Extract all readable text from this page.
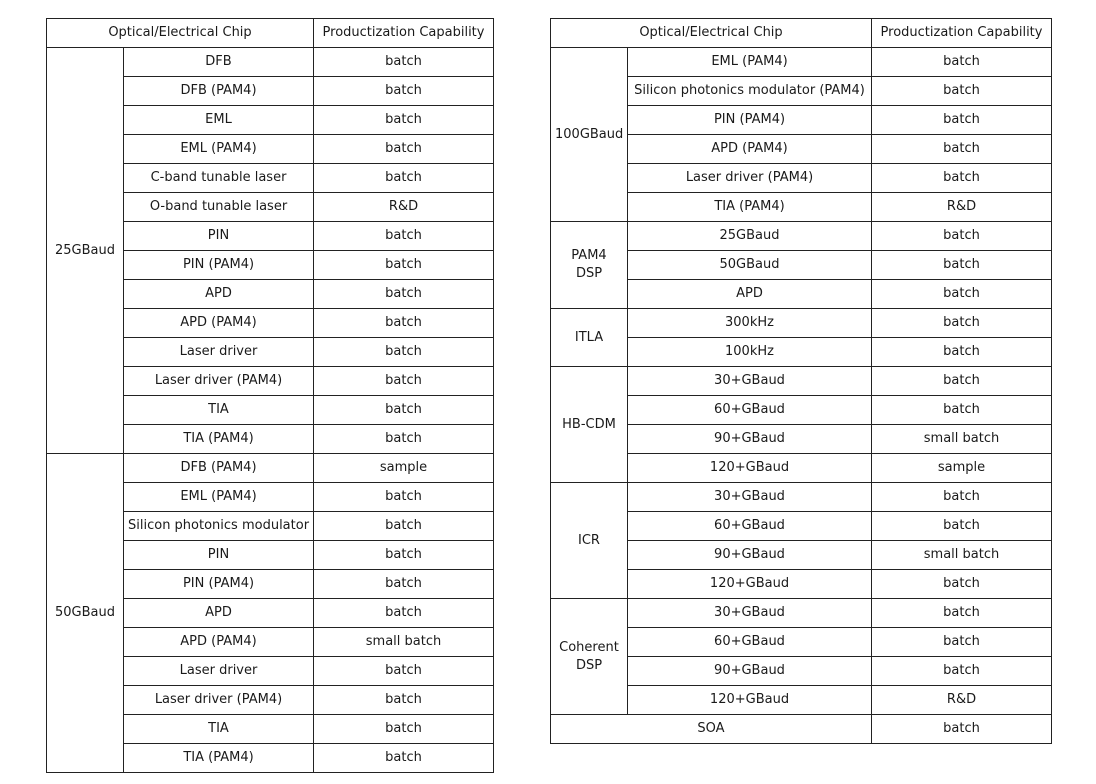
Optical/Electrical Chip		Productization Capability
25GBaud	DFB	batch
	DFB (PAM4)	batch
	EML	batch
	EML (PAM4)	batch
	C-band tunable laser	batch
	O-band tunable laser	R&D
	PIN	batch
	PIN (PAM4)	batch
	APD	batch
	APD (PAM4)	batch
	Laser driver	batch
	Laser driver (PAM4)	batch
	TIA	batch
	TIA (PAM4)	batch
50GBaud	DFB (PAM4)	sample
	EML (PAM4)	batch
	Silicon photonics modulator	batch
	PIN	batch
	PIN (PAM4)	batch
	APD	batch
	APD (PAM4)	small batch
	Laser driver	batch
	Laser driver (PAM4)	batch
	TIA	batch
	TIA (PAM4)	batch
Optical/Electrical Chip		Productization Capability
100GBaud	EML (PAM4)	batch
	Silicon photonics modulator (PAM4)	batch
	PIN (PAM4)	batch
	APD (PAM4)	batch
	Laser driver (PAM4)	batch
	TIA (PAM4)	R&D
PAM4
DSP	25GBaud	batch
	50GBaud	batch
	APD	batch
ITLA	300kHz	batch
	100kHz	batch
HB-CDM	30+GBaud	batch
	60+GBaud	batch
	90+GBaud	small batch
	120+GBaud	sample
ICR	30+GBaud	batch
	60+GBaud	batch
	90+GBaud	small batch
	120+GBaud	batch
Coherent
DSP	30+GBaud	batch
	60+GBaud	batch
	90+GBaud	batch
	120+GBaud	R&D
SOA		batch
